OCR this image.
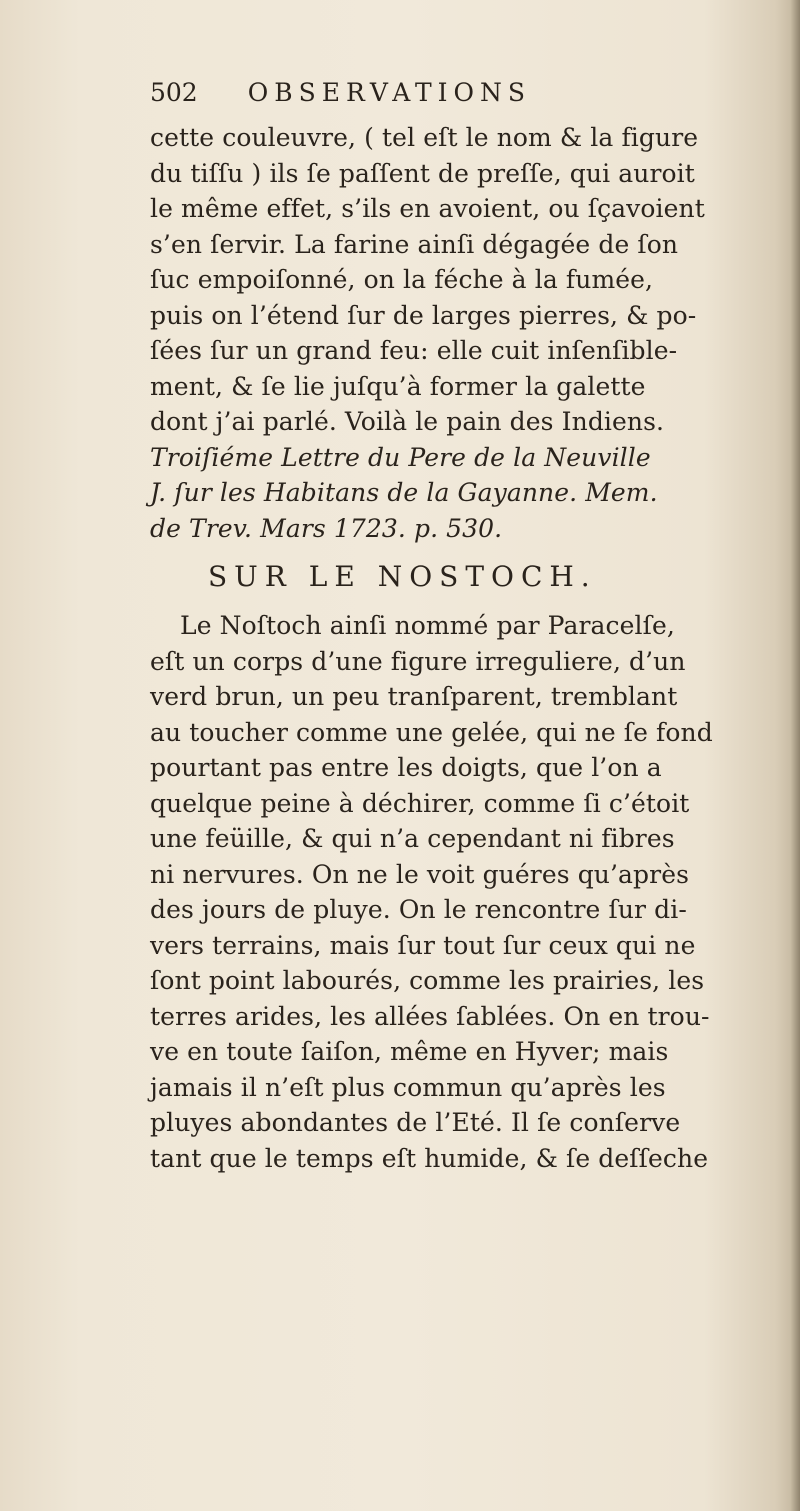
502 OBSERVATIONS
cette couleuvre, ( tel eſt le nom & la figure
du tiſſu ) ils ſe paſſent de preſſe, qui auroit
le même effet, s’ils en avoient, ou ſçavoient
s’en ſervir. La farine ainſi dégagée de ſon
ſuc empoiſonné, on la féche à la fumée,
puis on l’étend ſur de larges pierres, & po-
ſées ſur un grand feu: elle cuit inſenſible-
ment, & ſe lie juſqu’à former la galette
dont j’ai parlé. Voilà le pain des Indiens.
Troiſiéme Lettre du Pere de la Neuville
J. ſur les Habitans de la Gayanne. Mem.
de Trev. Mars 1723. p. 530.
SUR LE NOSTOCH.
Le Noſtoch ainſi nommé par Paracelſe,
eſt un corps d’une figure irreguliere, d’un
verd brun, un peu tranſparent, tremblant
au toucher comme une gelée, qui ne ſe fond
pourtant pas entre les doigts, que l’on a
quelque peine à déchirer, comme ſi c’étoit
une feüille, & qui n’a cependant ni fibres
ni nervures. On ne le voit guéres qu’après
des jours de pluye. On le rencontre ſur di-
vers terrains, mais ſur tout ſur ceux qui ne
ſont point labourés, comme les prairies, les
terres arides, les allées ſablées. On en trou-
ve en toute ſaiſon, même en Hyver; mais
jamais il n’eſt plus commun qu’après les
pluyes abondantes de l’Eté. Il ſe conſerve
tant que le temps eſt humide, & ſe deſſeche
